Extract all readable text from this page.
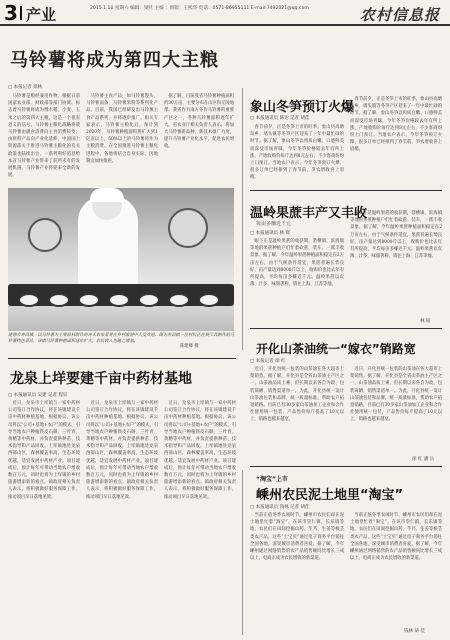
3 产业	2015.1.10 星期六 编辑：梁叶 主编 ：组版：王熙华 电话：0571-86955111 E-mail:7492021@qq.com	农村信息报
马铃薯将成为第四大主粮
□ 本报记者 徐林
　马铃薯是粮经兼用作物，根据日前国家农业部、财政部等部门协调，标志着马铃薯将成为继水稻、小麦、玉米之后的第四大主粮，这是一个很有意义的信号。马铃薯主粮化战略将使马铃薯由副食消费向主食消费转变、由原料产品向产业化延伸，中国国土资源部关于推进马铃薯主粮化的有关政策也陆续出台，一系列利好消息给本省马铃薯产业带来了前所未有的发展机遇。马铃薯产业将迎来全新的发展。
　马铃薯主食产品，如马铃薯馒头、马铃薯面条、马铃薯米粉等系列化产品。目前，我国已经研发出马铃薯主食产品系列，并将逐步推广。相关专家表示，马铃薯主粮化后，预计到2020年，马铃薯种植面积将扩大到1亿亩以上，50%以上的马铃薯将作为主粮消费。在全国推进马铃薯主粮化进程中，各地将结合自身实际，因地制宜加快推进。
　据了解，目前我省马铃薯种植面积约30万亩，主要分布在山区和丘陵地带。我省作为南方冬作马铃薯的重要产区之一，冬种马铃薯面积逐年扩大。省农业厅相关负责人表示，将加大马铃薯新品种、新技术推广力度，提升马铃薯产业化水平，促进农民增收。
建德市寿昌镇，以马铃薯为主要原料制作的各式农家菜肴在乡村旅游中大受欢迎。图为寿昌镇一位村民正在展示其制作的马铃薯特色菜品，该镇马铃薯种植面积逐年扩大，农民收入也随之增加。
陈建峰 摄
象山冬笋预订火爆
□ 本报通讯员 陈达 记者 胡佳
　春节前夕，正是冬笋上市的旺季。象山县高塘岛乡、墙头镇等冬笋产区迎来了一年中最忙碌的时节。据了解，象山冬笋以肉质白嫩、口感鲜美而深受市场青睐，今年冬笋价格较去年有所上涨，产地收购价每斤达到8元左右，不少客商纷纷上门预订。当地农户表示，今年冬笋预订火爆，很多订单已经排到了春节前，笋农增收喜上眉梢。
　春节前夕，正是冬笋上市的旺季。象山县高塘岛乡、墙头镇等冬笋产区迎来了一年中最忙碌的时节。据了解，象山冬笋以肉质白嫩、口感鲜美而深受市场青睐，今年冬笋价格较去年有所上涨，产地收购价每斤达到8元左右，不少客商纷纷上门预订。当地农户表示，今年冬笋预订火爆，很多订单已经排到了春节前，笋农增收喜上眉梢。
温岭果蔗丰产又丰收
每亩多赚近千元
□ 本报通讯员 林 辉
　眼下正是温岭果蔗的收获期，箬横镇、滨海镇等地的果蔗种植户们忙着砍蔗、装车，一派丰收景象。据了解，今年温岭果蔗种植面积稳定在2万亩左右，由于气候条件适宜，果蔗普遍长势良好，亩产量达到8000斤以上，收购价也比去年有所提高，平均每亩多赚近千元。温岭果蔗以皮薄、汁多、味甜著称，销往上海、江苏等地。
　眼下正是温岭果蔗的收获期，箬横镇、滨海镇等地的果蔗种植户们忙着砍蔗、装车，一派丰收景象。据了解，今年温岭果蔗种植面积稳定在2万亩左右，由于气候条件适宜，果蔗普遍长势良好，亩产量达到8000斤以上，收购价也比去年有所提高，平均每亩多赚近千元。温岭果蔗以皮薄、汁多、味甜著称，销往上海、江苏等地。
林 韬
开化山茶油统一“嫁衣”销路宽
□ 本报记者 徐 红
　近日，开化县统一包装的山茶油在各大超市上架销售。据了解，开化县是全省山茶油主产区之一，山茶油品质上乘，但长期以来各自为政、包装简陋，销售渠道单一。为此，开化县统一设计山茶油包装和品牌，统一质量标准，帮助农户拓宽销路。目前已有30多家山茶油加工企业和合作社使用统一包装，产品售价每斤提高了10元以上，销路也越来越宽。
　近日，开化县统一包装的山茶油在各大超市上架销售。据了解，开化县是全省山茶油主产区之一，山茶油品质上乘，但长期以来各自为政、包装简陋，销售渠道单一。为此，开化县统一设计山茶油包装和品牌，统一质量标准，帮助农户拓宽销路。目前已有30多家山茶油加工企业和合作社使用统一包装，产品售价每斤提高了10元以上，销路也越来越宽。
徐 红 潘 岳
龙泉上垟要建千亩中药材基地
□ 本报通讯员 吴建 记者 程钰
　近日，龙泉市上垟镇与一家中药材公司签订合作协议，将在该镇建设千亩中药材种植基地。根据协议，该公司将以“公司+基地+农户”的模式，引导当地农户种植铁皮石斛、三叶青、黄精等中药材，并负责提供种苗、技术指导和产品回收。上垟镇地处龙泉西部山区，森林覆盖率高，生态环境优越，适宜发展中药材产业。项目建成后，预计每年可带动当地农户增收数百万元，同时也将为上垟镇的乡村旅游增添新的看点。镇政府相关负责人表示，将积极做好服务保障工作，推动项目早日落地见效。
　近日，龙泉市上垟镇与一家中药材公司签订合作协议，将在该镇建设千亩中药材种植基地。根据协议，该公司将以“公司+基地+农户”的模式，引导当地农户种植铁皮石斛、三叶青、黄精等中药材，并负责提供种苗、技术指导和产品回收。上垟镇地处龙泉西部山区，森林覆盖率高，生态环境优越，适宜发展中药材产业。项目建成后，预计每年可带动当地农户增收数百万元，同时也将为上垟镇的乡村旅游增添新的看点。镇政府相关负责人表示，将积极做好服务保障工作，推动项目早日落地见效。
　近日，龙泉市上垟镇与一家中药材公司签订合作协议，将在该镇建设千亩中药材种植基地。根据协议，该公司将以“公司+基地+农户”的模式，引导当地农户种植铁皮石斛、三叶青、黄精等中药材，并负责提供种苗、技术指导和产品回收。上垟镇地处龙泉西部山区，森林覆盖率高，生态环境优越，适宜发展中药材产业。项目建成后，预计每年可带动当地农户增收数百万元，同时也将为上垟镇的乡村旅游增添新的看点。镇政府相关负责人表示，将积极做好服务保障工作，推动项目早日落地见效。
“淘宝”上市
嵊州农民泥土地里“淘宝”
□ 本报通讯员 钱林 记者 胡佳
　当前正值冬季农闲时节，嵊州市农民们却在泥土地里忙着“淘宝”。在该市崇仁镇、长乐镇等地，农民们在田间挖掘山药、芋艿、生姜等根茎类农产品，这些“土宝贝”通过电子商务平台销往全国各地，深受城市消费者喜爱。据了解，今年嵊州通过网络销售的农产品销售额同比增长三成以上，电商正成为农民增收的新渠道。
　当前正值冬季农闲时节，嵊州市农民们却在泥土地里忙着“淘宝”。在该市崇仁镇、长乐镇等地，农民们在田间挖掘山药、芋艿、生姜等根茎类农产品，这些“土宝贝”通过电子商务平台销往全国各地，深受城市消费者喜爱。据了解，今年嵊州通过网络销售的农产品销售额同比增长三成以上，电商正成为农民增收的新渠道。
钱林 胡 佳
